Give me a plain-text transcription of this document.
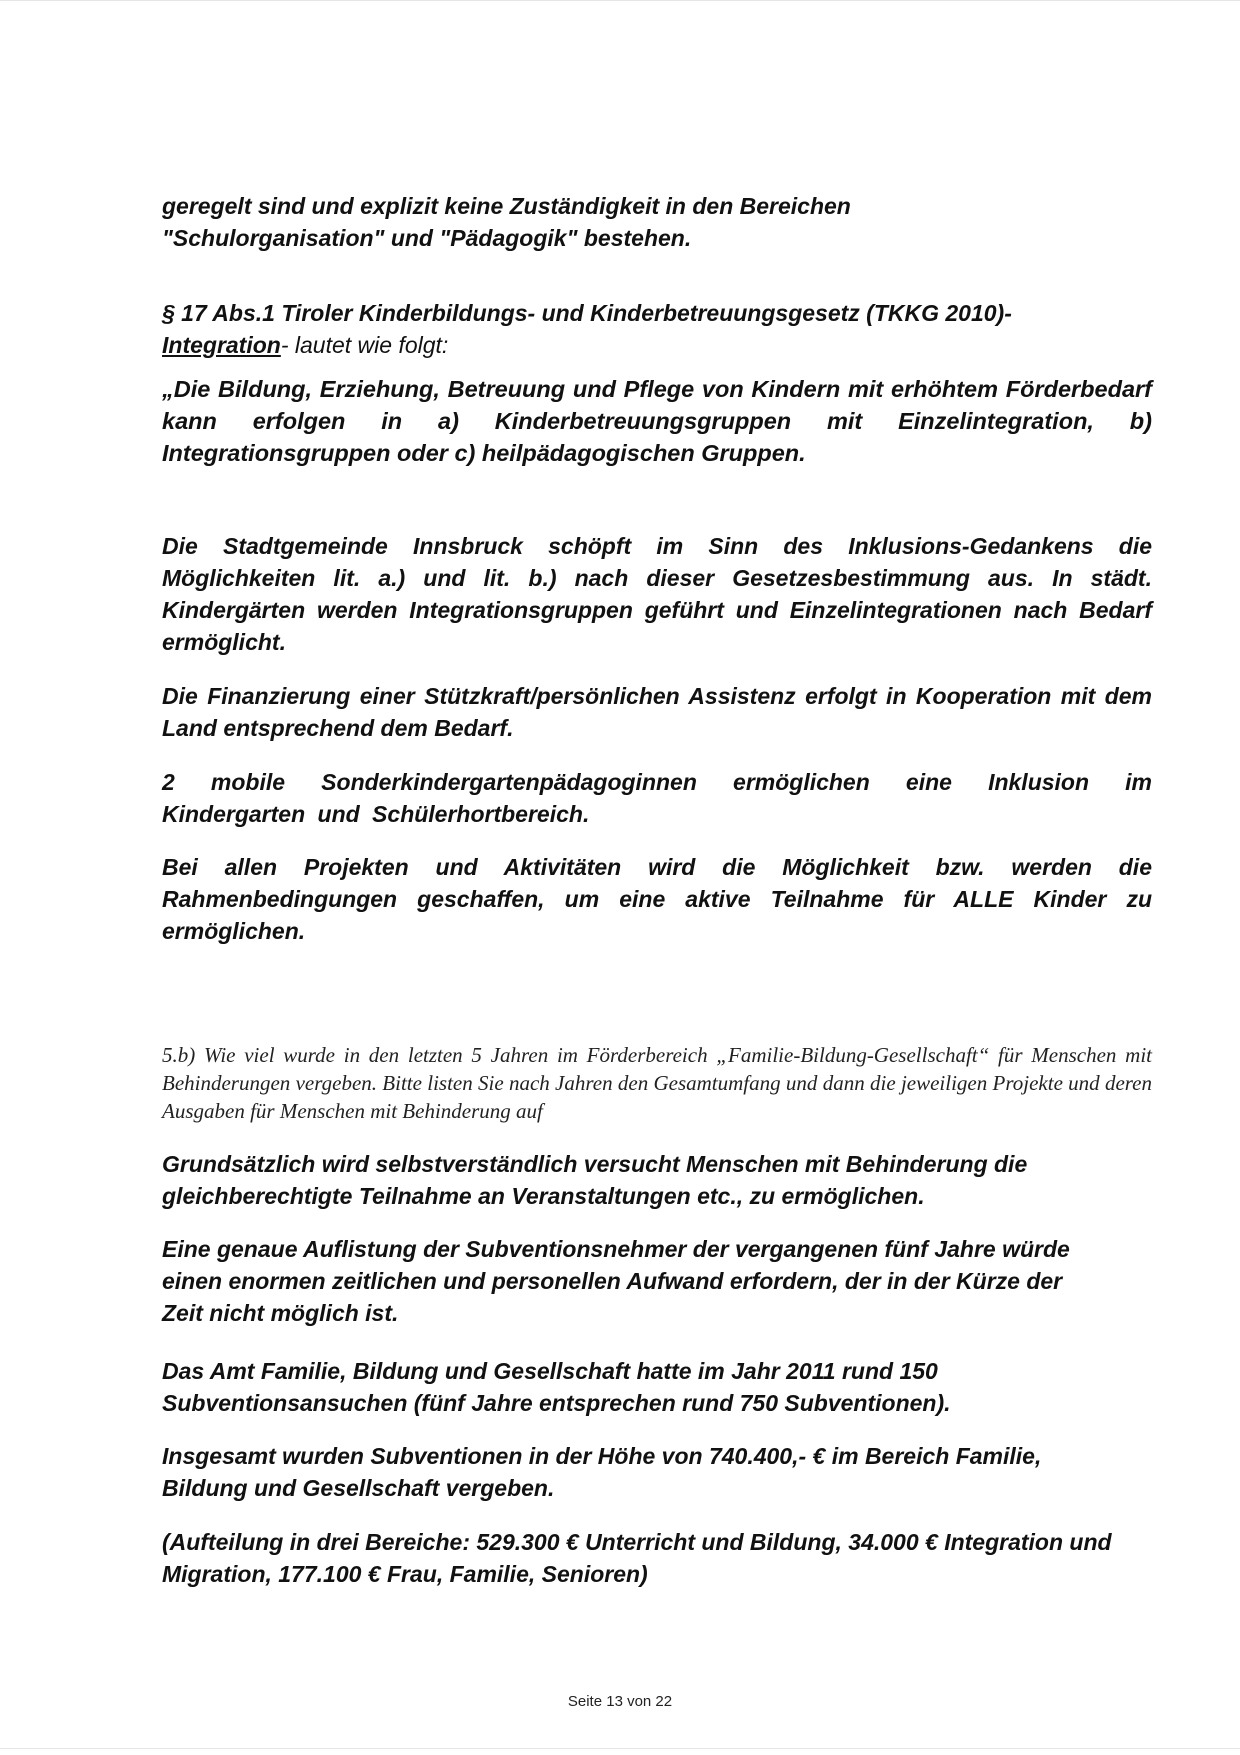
geregelt sind und explizit keine Zuständigkeit in den Bereichen

"Schulorganisation" und "Pädagogik" bestehen.

§ 17 Abs.1 Tiroler Kinderbildungs- und Kinderbetreuungsgesetz (TKKG 2010)-

Integration- lautet wie folgt:

„Die Bildung, Erziehung, Betreuung und Pflege von Kindern mit erhöhtem Förderbedarf kann erfolgen in a) Kinderbetreuungsgruppen mit Einzelintegration, b) Integrationsgruppen oder c) heilpädagogischen Gruppen.

Die Stadtgemeinde Innsbruck schöpft im Sinn des Inklusions-Gedankens die Möglichkeiten lit. a.) und lit. b.) nach dieser Gesetzesbestimmung aus. In städt. Kindergärten werden Integrationsgruppen geführt und Einzelintegrationen nach Bedarf ermöglicht.

Die Finanzierung einer Stützkraft/persönlichen Assistenz erfolgt in Kooperation mit dem Land entsprechend dem Bedarf.

2 mobile Sonderkindergartenpädagoginnen ermöglichen eine Inklusion im Kindergarten und Schülerhortbereich.

Bei allen Projekten und Aktivitäten wird die Möglichkeit bzw. werden die Rahmenbedingungen geschaffen, um eine aktive Teilnahme für ALLE Kinder zu ermöglichen.

5.b) Wie viel wurde in den letzten 5 Jahren im Förderbereich „Familie-Bildung-Gesellschaft“ für Menschen mit Behinderungen vergeben. Bitte listen Sie nach Jahren den Gesamtumfang und dann die jeweiligen Projekte und deren Ausgaben für Menschen mit Behinderung auf

Grundsätzlich wird selbstverständlich versucht Menschen mit Behinderung die gleichberechtigte Teilnahme an Veranstaltungen etc., zu ermöglichen.

Eine genaue Auflistung der Subventionsnehmer der vergangenen fünf Jahre würde einen enormen zeitlichen und personellen Aufwand erfordern, der in der Kürze der Zeit nicht möglich ist.

Das Amt Familie, Bildung und Gesellschaft hatte im Jahr 2011 rund 150 Subventionsansuchen (fünf Jahre entsprechen rund 750 Subventionen).

Insgesamt wurden Subventionen in der Höhe von 740.400,- € im Bereich Familie, Bildung und Gesellschaft vergeben.

(Aufteilung in drei Bereiche: 529.300 € Unterricht und Bildung, 34.000 € Integration und Migration, 177.100 € Frau, Familie, Senioren)

Seite 13 von 22
